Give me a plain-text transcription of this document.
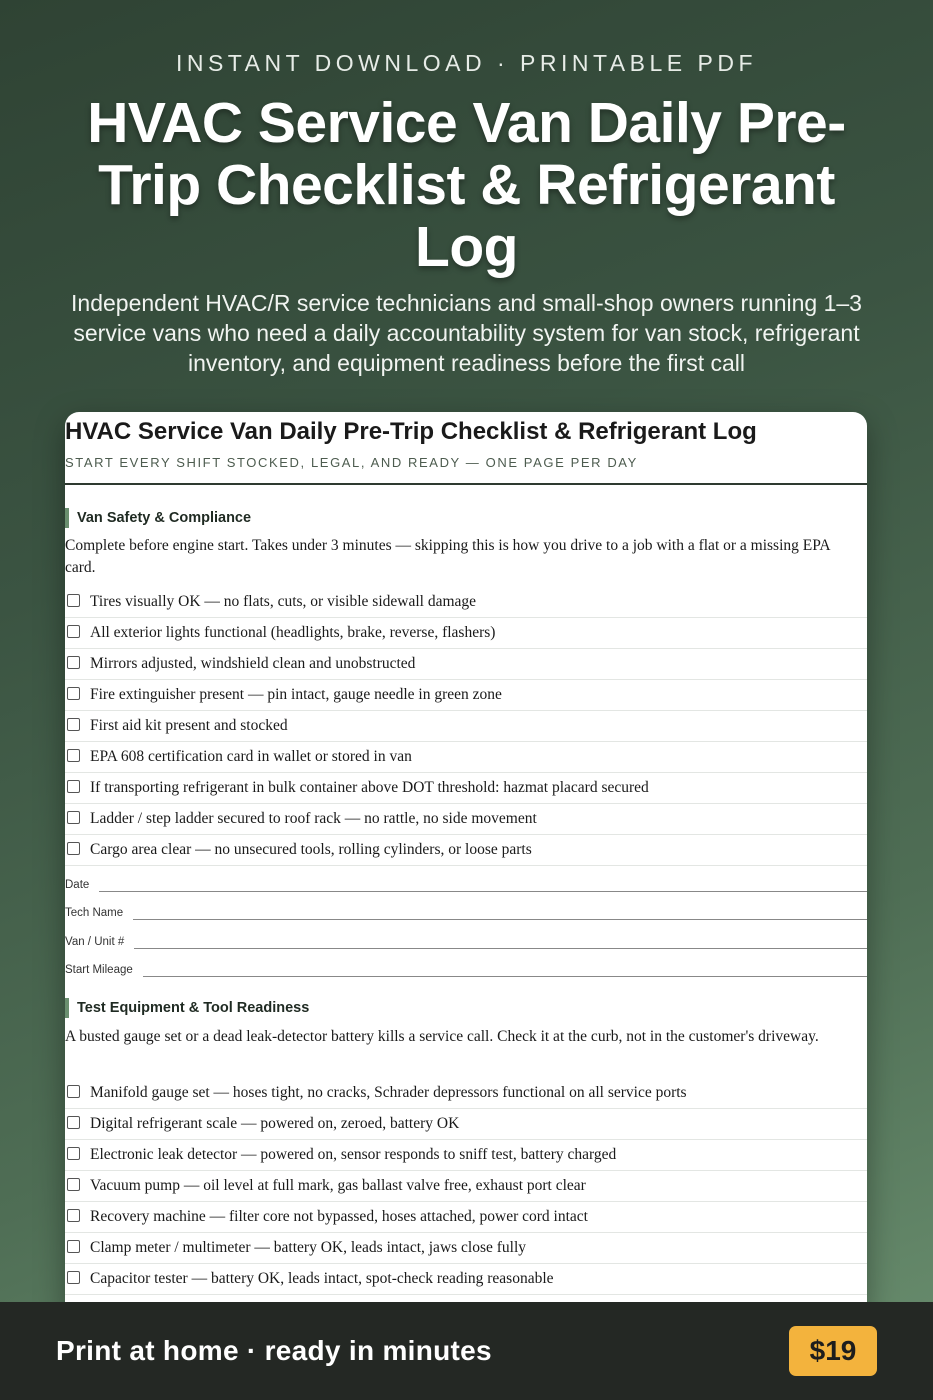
INSTANT DOWNLOAD · PRINTABLE PDF
HVAC Service Van Daily Pre-Trip Checklist & Refrigerant Log
Independent HVAC/R service technicians and small-shop owners running 1–3 service vans who need a daily accountability system for van stock, refrigerant inventory, and equipment readiness before the first call
HVAC Service Van Daily Pre-Trip Checklist & Refrigerant Log
START EVERY SHIFT STOCKED, LEGAL, AND READY — ONE PAGE PER DAY
Van Safety & Compliance
Complete before engine start. Takes under 3 minutes — skipping this is how you drive to a job with a flat or a missing EPA card.
Tires visually OK — no flats, cuts, or visible sidewall damage
All exterior lights functional (headlights, brake, reverse, flashers)
Mirrors adjusted, windshield clean and unobstructed
Fire extinguisher present — pin intact, gauge needle in green zone
First aid kit present and stocked
EPA 608 certification card in wallet or stored in van
If transporting refrigerant in bulk container above DOT threshold: hazmat placard secured
Ladder / step ladder secured to roof rack — no rattle, no side movement
Cargo area clear — no unsecured tools, rolling cylinders, or loose parts
Date
Tech Name
Van / Unit #
Start Mileage
Test Equipment & Tool Readiness
A busted gauge set or a dead leak-detector battery kills a service call. Check it at the curb, not in the customer's driveway.
Manifold gauge set — hoses tight, no cracks, Schrader depressors functional on all service ports
Digital refrigerant scale — powered on, zeroed, battery OK
Electronic leak detector — powered on, sensor responds to sniff test, battery charged
Vacuum pump — oil level at full mark, gas ballast valve free, exhaust port clear
Recovery machine — filter core not bypassed, hoses attached, power cord intact
Clamp meter / multimeter — battery OK, leads intact, jaws close fully
Capacitor tester — battery OK, leads intact, spot-check reading reasonable
Print at home · ready in minutes	$19
